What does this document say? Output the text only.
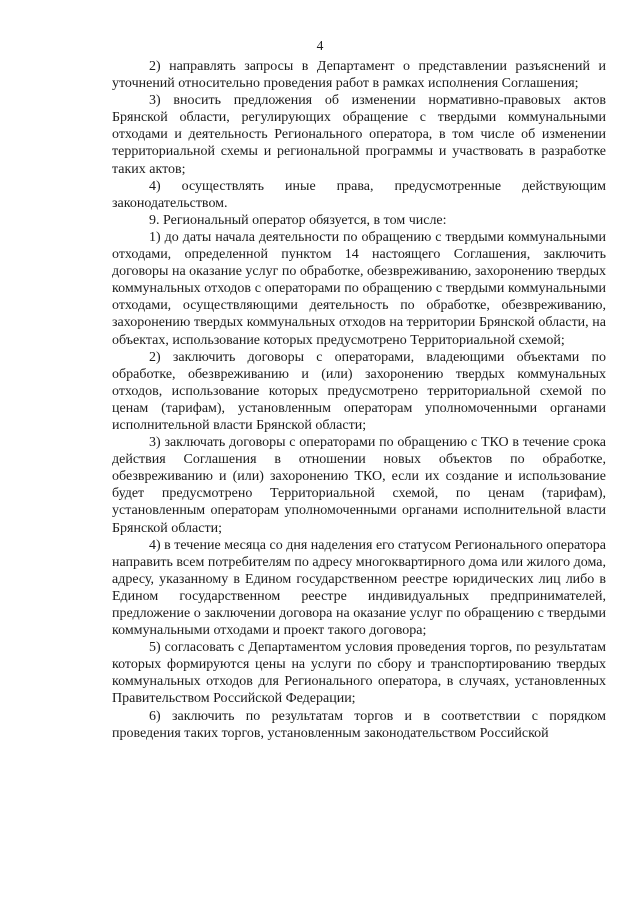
4

2) направлять запросы в Департамент о представлении разъяснений и уточнений относительно проведения работ в рамках исполнения Соглашения;

3) вносить предложения об изменении нормативно-правовых актов Брянской области, регулирующих обращение с твердыми коммунальными отходами и деятельность Регионального оператора, в том числе об изменении территориальной схемы и региональной программы и участвовать в разработке таких актов;

4) осуществлять иные права, предусмотренные действующим законодательством.

9. Региональный оператор обязуется, в том числе:

1) до даты начала деятельности по обращению с твердыми коммунальными отходами, определенной пунктом 14 настоящего Соглашения, заключить договоры на оказание услуг по обработке, обезвреживанию, захоронению твердых коммунальных отходов с операторами по обращению с твердыми коммунальными отходами, осуществляющими деятельность по обработке, обезвреживанию, захоронению твердых коммунальных отходов на территории Брянской области, на объектах, использование которых предусмотрено Территориальной схемой;

2) заключить договоры с операторами, владеющими объектами по обработке, обезвреживанию и (или) захоронению твердых коммунальных отходов, использование которых предусмотрено территориальной схемой по ценам (тарифам), установленным операторам уполномоченными органами исполнительной власти Брянской области;

3) заключать договоры с операторами по обращению с ТКО в течение срока действия Соглашения в отношении новых объектов по обработке, обезвреживанию и (или) захоронению ТКО, если их создание и использование будет предусмотрено Территориальной схемой, по ценам (тарифам), установленным операторам уполномоченными органами исполнительной власти Брянской области;

4) в течение месяца со дня наделения его статусом Регионального оператора направить всем потребителям по адресу многоквартирного дома или жилого дома, адресу, указанному в Едином государственном реестре юридических лиц либо в Едином государственном реестре индивидуальных предпринимателей, предложение о заключении договора на оказание услуг по обращению с твердыми коммунальными отходами и проект такого договора;

5) согласовать с Департаментом условия проведения торгов, по результатам которых формируются цены на услуги по сбору и транспортированию твердых коммунальных отходов для Регионального оператора, в случаях, установленных Правительством Российской Федерации;

6) заключить по результатам торгов и в соответствии с порядком проведения таких торгов, установленным законодательством Российской
